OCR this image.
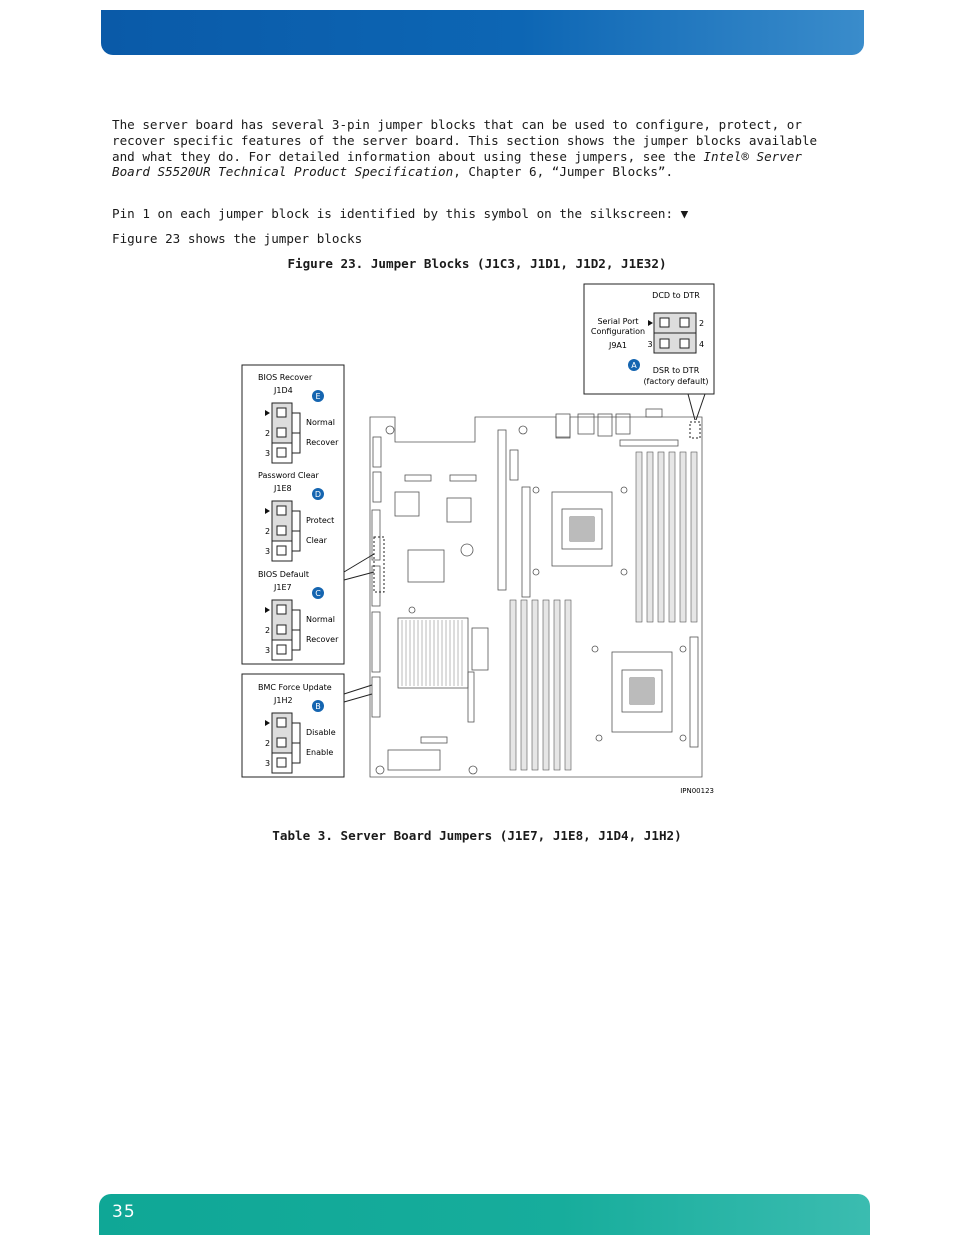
The server board has several 3-pin jumper blocks that can be used to configure, protect, or recover specific features of the server board. This section shows the jumper blocks available and what they do. For detailed information about using these jumpers, see the Intel® Server Board S5520UR Technical Product Specification, Chapter 6, “Jumper Blocks”.
Pin 1 on each jumper block is identified by this symbol on the silkscreen: ▼
Figure 23 shows the jumper blocks
Figure 23. Jumper Blocks (J1C3, J1D1, J1D2, J1E32)
DCD to DTR
Serial Port
Configuration
J9A1	3
2
4
A
DSR to DTR
(factory default)
BIOS Recover
J1D4
E
2
3
Normal
Recover
Password Clear
J1E8
D
2
3
Protect
Clear
BIOS Default
J1E7
C
2
3
Normal
Recover
BMC Force Update
J1H2
B
2
3
Disable
Enable
IPN00123
Table 3. Server Board Jumpers (J1E7, J1E8, J1D4, J1H2)
35
